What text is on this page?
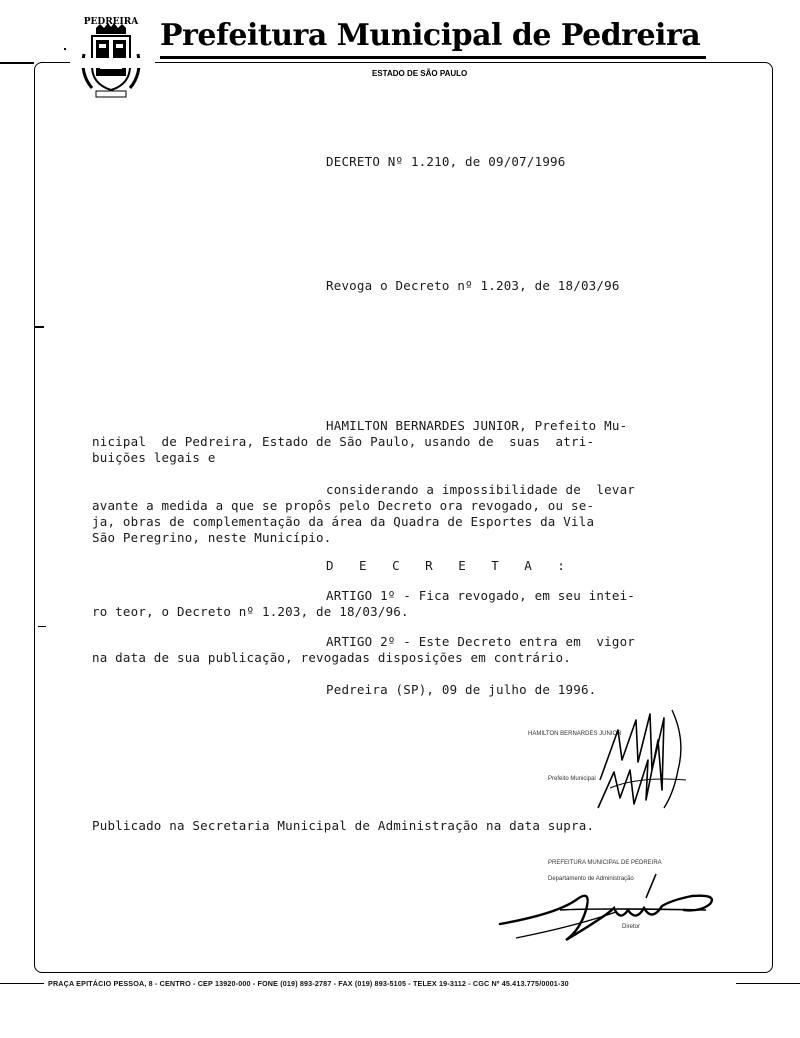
PEDREIRA Prefeitura Municipal de Pedreira
ESTADO DE SÃO PAULO
DECRETO Nº 1.210, de 09/07/1996
Revoga o Decreto nº 1.203, de 18/03/96
HAMILTON BERNARDES JUNIOR, Prefeito Mu-
nicipal  de Pedreira, Estado de São Paulo, usando de  suas  atri-
buições legais e
considerando a impossibilidade de  levar
avante a medida a que se propôs pelo Decreto ora revogado, ou se-
ja, obras de complementação da área da Quadra de Esportes da Vila
São Peregrino, neste Município.
D E C R E T A :
ARTIGO 1º - Fica revogado, em seu intei-
ro teor, o Decreto nº 1.203, de 18/03/96.
ARTIGO 2º - Este Decreto entra em  vigor
na data de sua publicação, revogadas disposições em contrário.
Pedreira (SP), 09 de julho de 1996.
HAMILTON BERNARDES JUNIOR
Prefeito Municipal
Publicado na Secretaria Municipal de Administração na data supra.
PREFEITURA MUNICIPAL DE PEDREIRA
Departamento de Administração
Diretor
PRAÇA EPITÁCIO PESSOA, 8 - CENTRO - CEP 13920-000 - FONE (019) 893-2787 - FAX (019) 893-5105 - TELEX 19-3112 - CGC Nº 45.413.775/0001-30
